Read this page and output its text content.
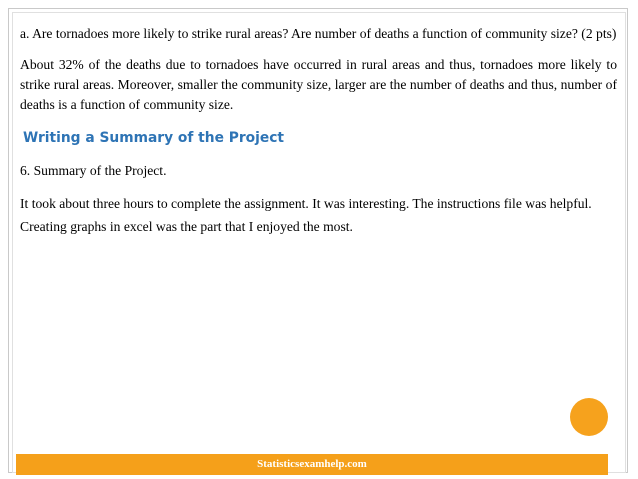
a. Are tornadoes more likely to strike rural areas? Are number of deaths a function of community size? (2 pts)

About 32% of the deaths due to tornadoes have occurred in rural areas and thus, tornadoes more likely to strike rural areas. Moreover, smaller the community size, larger are the number of deaths and thus, number of deaths is a function of community size.

Writing a Summary of the Project

6. Summary of the Project.

It took about three hours to complete the assignment. It was interesting. The instructions file was helpful. Creating graphs in excel was the part that I enjoyed the most.

Statisticsexamhelp.com
